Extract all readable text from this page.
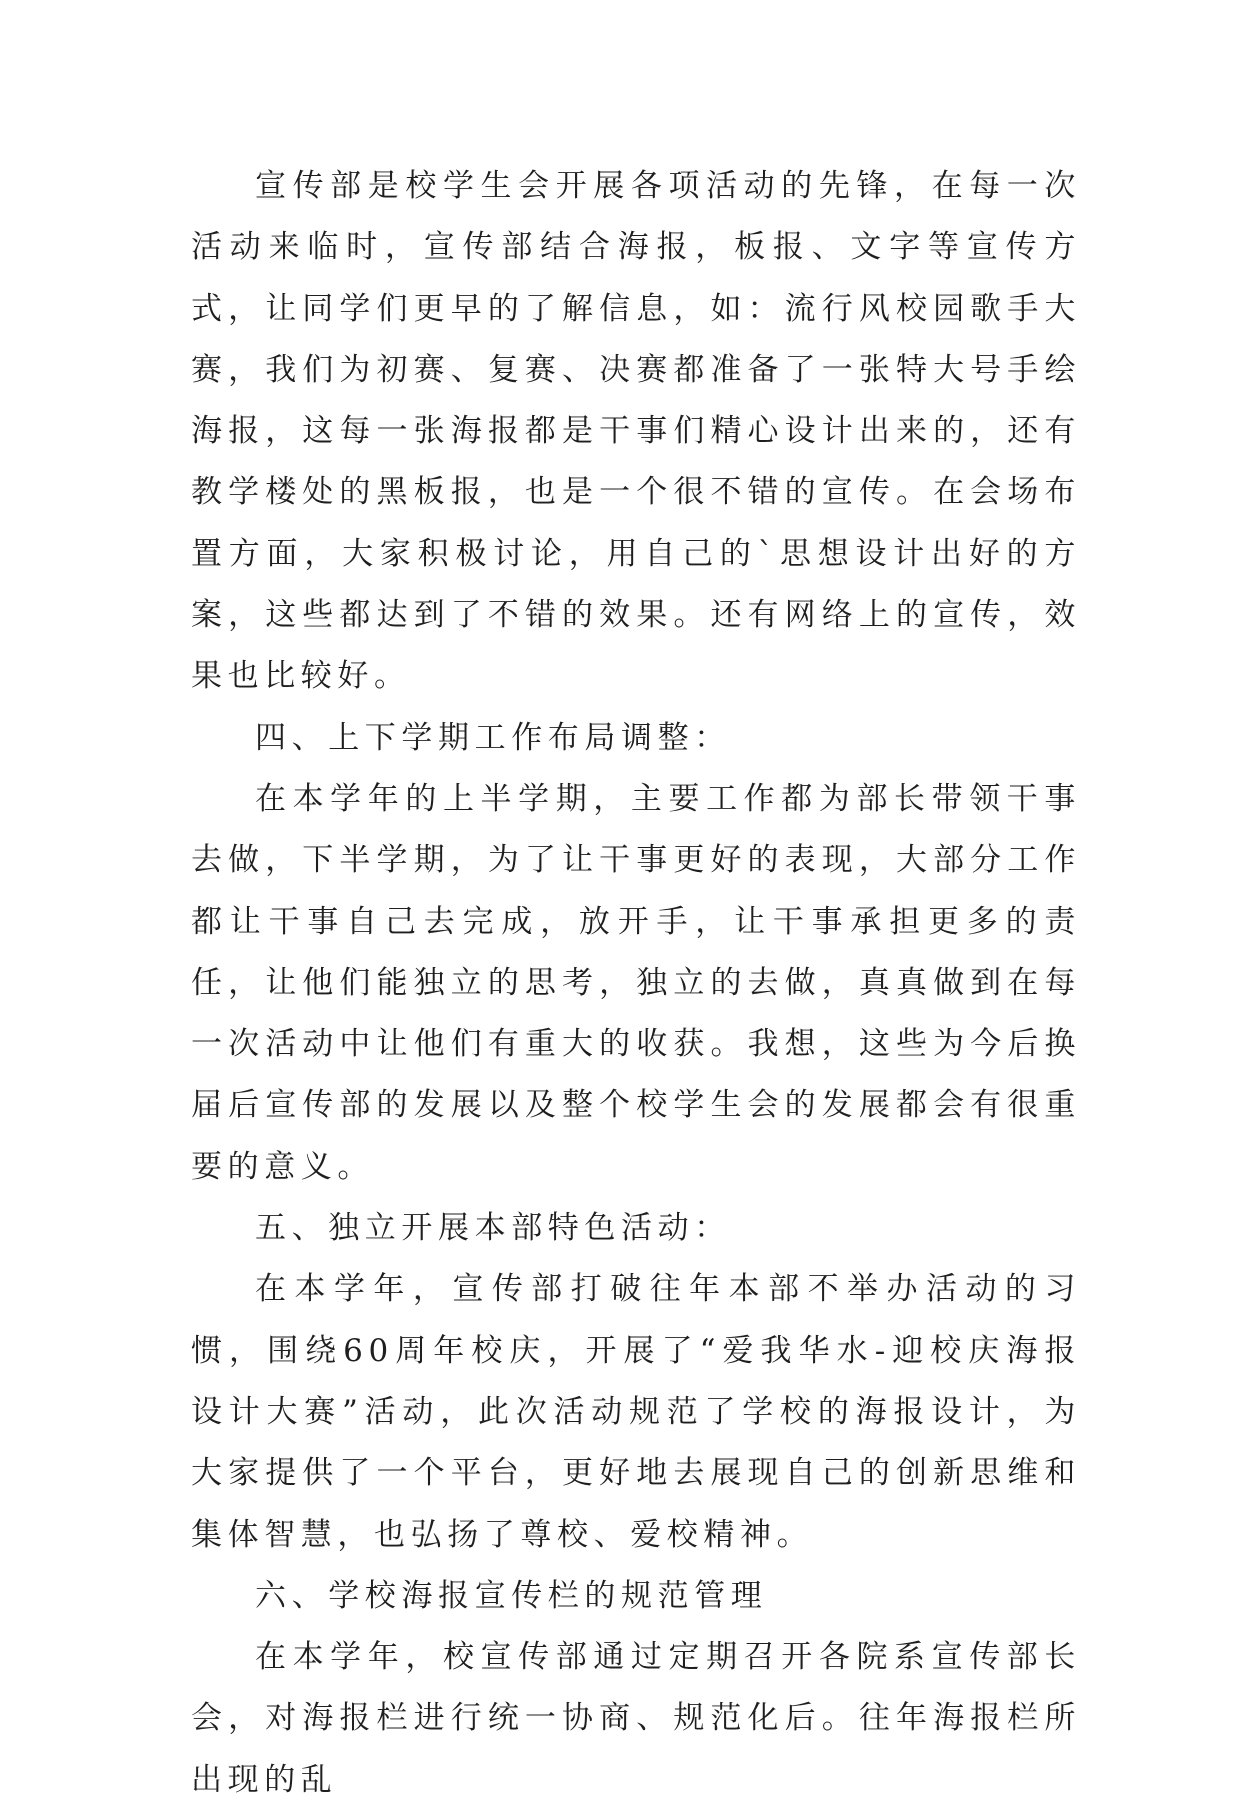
宣传部是校学生会开展各项活动的先锋，在每一次活动来临时，宣传部结合海报，板报、文字等宣传方式，让同学们更早的了解信息，如：流行风校园歌手大赛，我们为初赛、复赛、决赛都准备了一张特大号手绘海报，这每一张海报都是干事们精心设计出来的，还有教学楼处的黑板报，也是一个很不错的宣传。在会场布置方面，大家积极讨论，用自己的`思想设计出好的方案，这些都达到了不错的效果。还有网络上的宣传，效果也比较好。

四、上下学期工作布局调整：

在本学年的上半学期，主要工作都为部长带领干事去做，下半学期，为了让干事更好的表现，大部分工作都让干事自己去完成，放开手，让干事承担更多的责任，让他们能独立的思考，独立的去做，真真做到在每一次活动中让他们有重大的收获。我想，这些为今后换届后宣传部的发展以及整个校学生会的发展都会有很重要的意义。

五、独立开展本部特色活动：

在本学年，宣传部打破往年本部不举办活动的习惯，围绕60周年校庆，开展了“爱我华水-迎校庆海报设计大赛”活动，此次活动规范了学校的海报设计，为大家提供了一个平台，更好地去展现自己的创新思维和集体智慧，也弘扬了尊校、爱校精神。

六、学校海报宣传栏的规范管理

在本学年，校宣传部通过定期召开各院系宣传部长会，对海报栏进行统一协商、规范化后。往年海报栏所出现的乱
